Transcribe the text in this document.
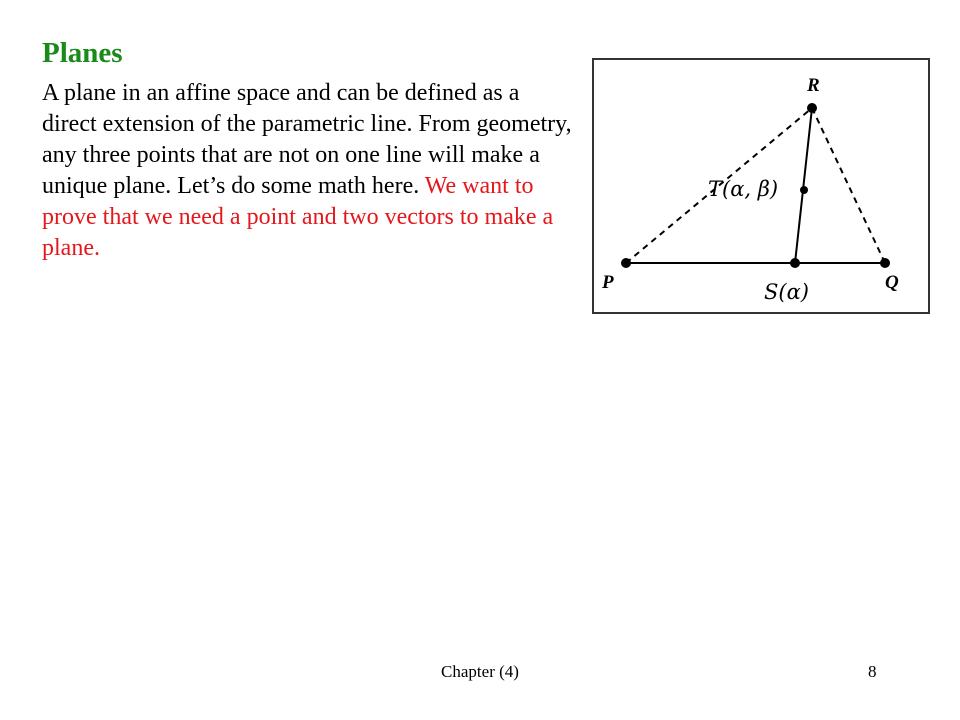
Planes
A plane in an affine space and can be defined as a direct extension of the parametric line. From geometry, any three points that are not on one line will make a unique plane. Let’s do some math here. We want to prove that we need a point and two vectors to make a plane.
R
P	Q
T(α, β)
S(α)
Chapter (4)	8
